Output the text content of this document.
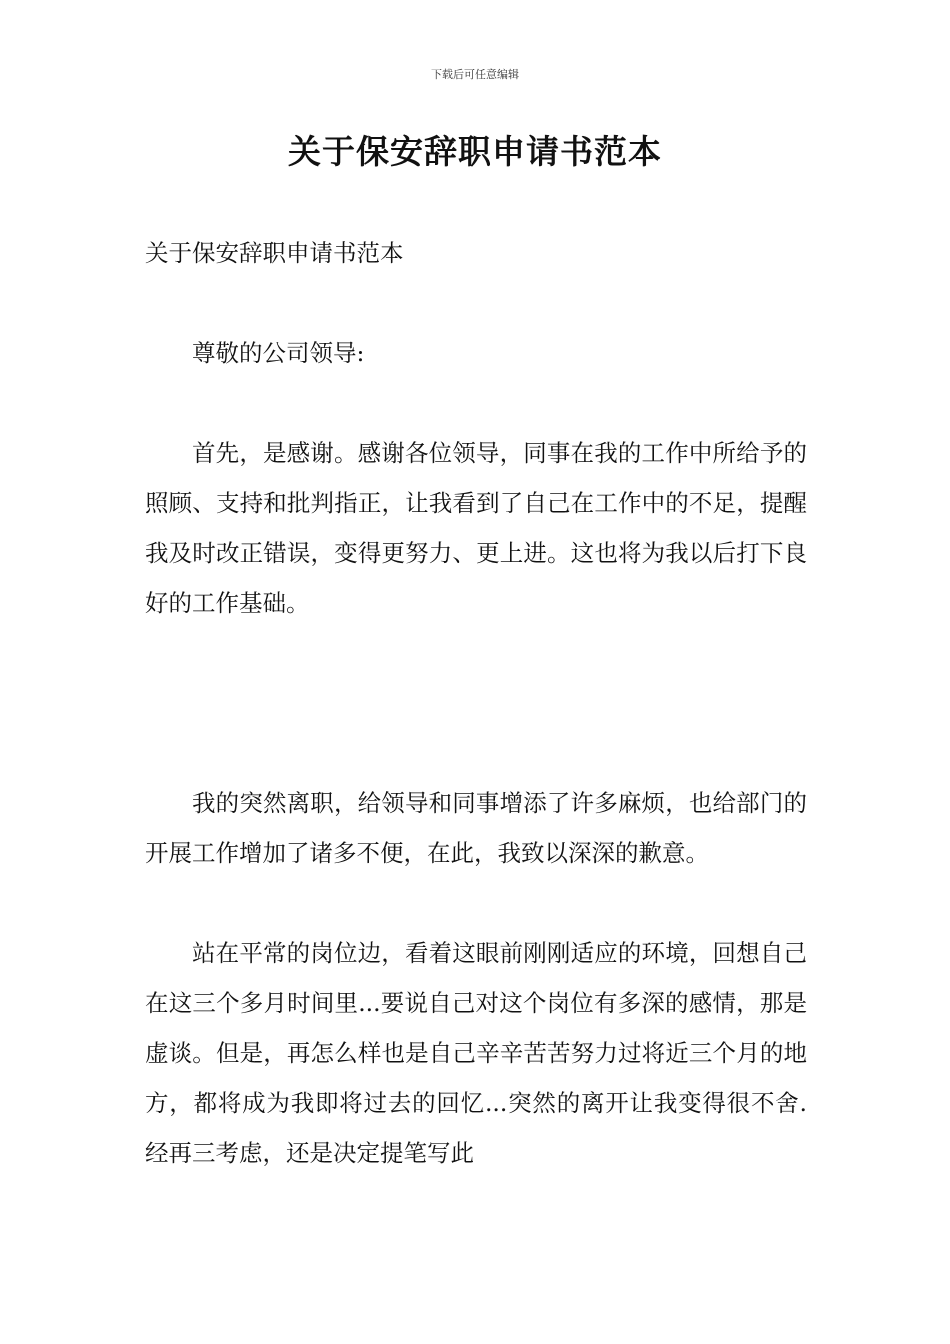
下载后可任意编辑
关于保安辞职申请书范本

关于保安辞职申请书范本

尊敬的公司领导:

首先，是感谢。感谢各位领导，同事在我的工作中所给予的照顾、支持和批判指正，让我看到了自己在工作中的不足，提醒我及时改正错误，变得更努力、更上进。这也将为我以后打下良好的工作基础。

我的突然离职，给领导和同事增添了许多麻烦，也给部门的开展工作增加了诸多不便，在此，我致以深深的歉意。

站在平常的岗位边，看着这眼前刚刚适应的环境，回想自己在这三个多月时间里...要说自己对这个岗位有多深的感情，那是虚谈。但是，再怎么样也是自己辛辛苦苦努力过将近三个月的地方，都将成为我即将过去的回忆...突然的离开让我变得很不舍.经再三考虑，还是决定提笔写此
